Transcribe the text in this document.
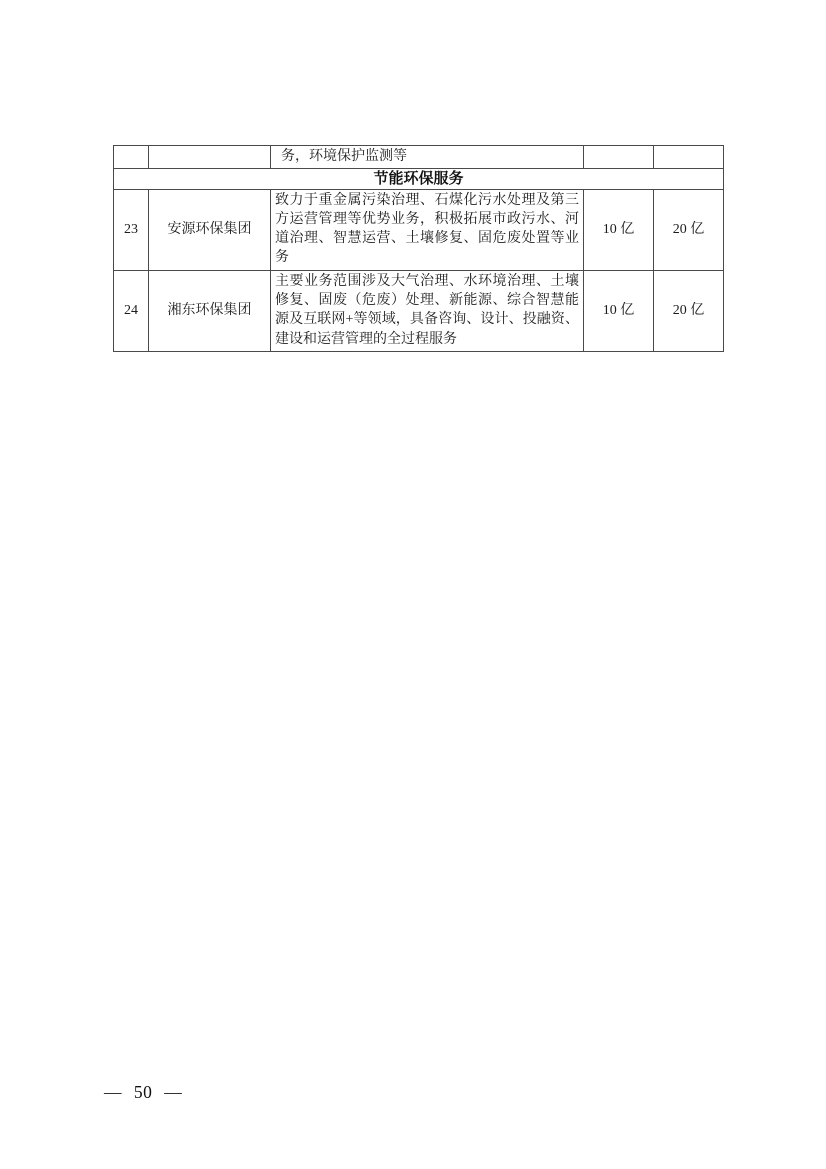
		务，环境保护监测等		
节能环保服务				
23	安源环保集团	致力于重金属污染治理、石煤化污水处理及第三方运营管理等优势业务，积极拓展市政污水、河道治理、智慧运营、土壤修复、固危废处置等业务	10 亿	20 亿
24	湘东环保集团	主要业务范围涉及大气治理、水环境治理、土壤修复、固废（危废）处理、新能源、综合智慧能源及互联网+等领域，具备咨询、设计、投融资、建设和运营管理的全过程服务	10 亿	20 亿
— 50 —
